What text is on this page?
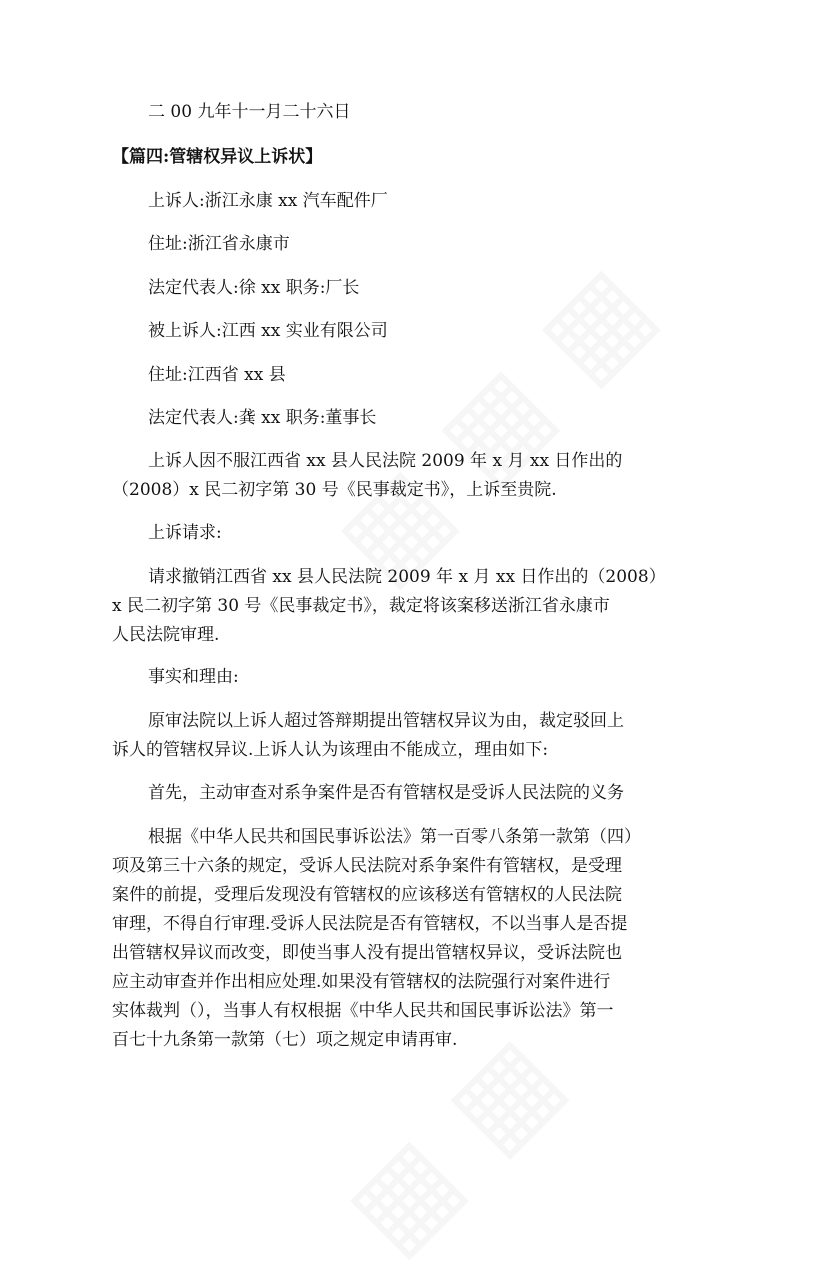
二 00 九年十一月二十六日
【篇四:管辖权异议上诉状】
上诉人:浙江永康 xx 汽车配件厂
住址:浙江省永康市
法定代表人:徐 xx 职务:厂长
被上诉人:江西 xx 实业有限公司
住址:江西省 xx 县
法定代表人:龚 xx 职务:董事长
上诉人因不服江西省 xx 县人民法院 2009 年 x 月 xx 日作出的
（2008）x 民二初字第 30 号《民事裁定书》，上诉至贵院.
上诉请求:
请求撤销江西省 xx 县人民法院 2009 年 x 月 xx 日作出的（2008）
x 民二初字第 30 号《民事裁定书》，裁定将该案移送浙江省永康市
人民法院审理.
事实和理由:
原审法院以上诉人超过答辩期提出管辖权异议为由，裁定驳回上
诉人的管辖权异议.上诉人认为该理由不能成立，理由如下:
首先，主动审查对系争案件是否有管辖权是受诉人民法院的义务
根据《中华人民共和国民事诉讼法》第一百零八条第一款第（四）
项及第三十六条的规定，受诉人民法院对系争案件有管辖权，是受理
案件的前提，受理后发现没有管辖权的应该移送有管辖权的人民法院
审理，不得自行审理.受诉人民法院是否有管辖权，不以当事人是否提
出管辖权异议而改变，即使当事人没有提出管辖权异议，受诉法院也
应主动审查并作出相应处理.如果没有管辖权的法院强行对案件进行
实体裁判（），当事人有权根据《中华人民共和国民事诉讼法》第一
百七十九条第一款第（七）项之规定申请再审.
